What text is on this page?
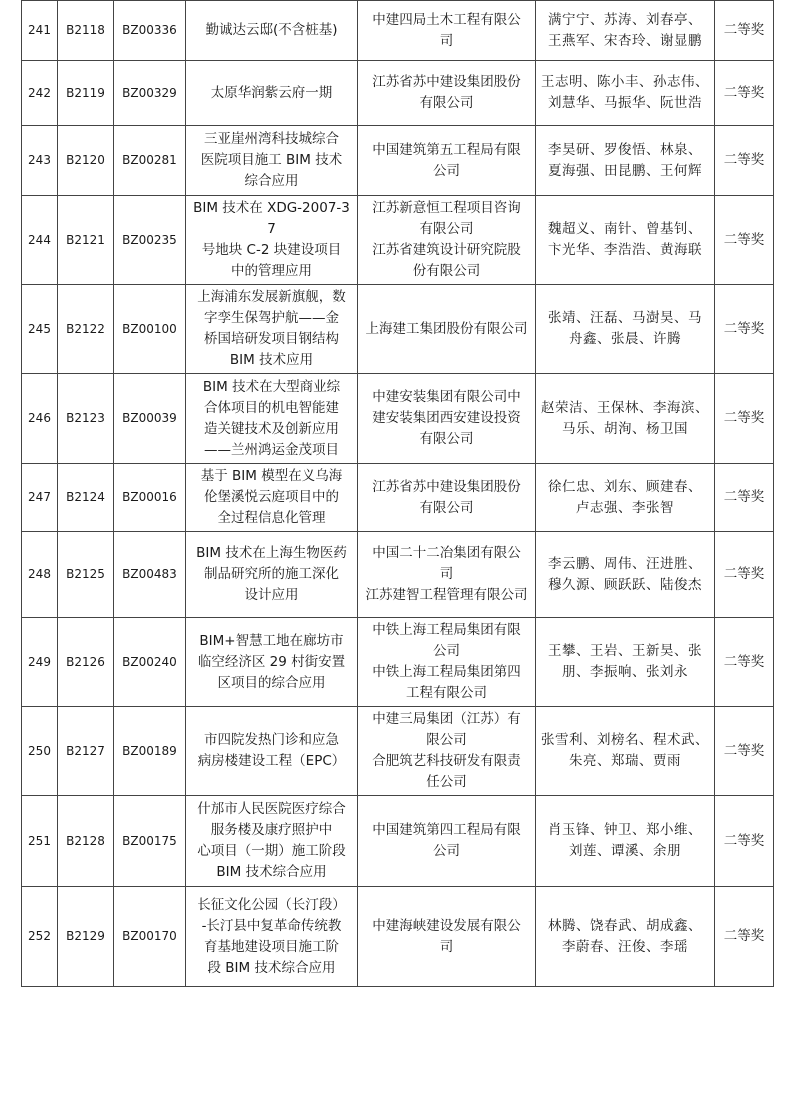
241	B2118	BZ00336	勤诚达云邸(不含桩基)	中建四局土木工程有限公
司	满宁宁、苏涛、刘春亭、
王燕军、宋杏玲、谢显鹏	二等奖
242	B2119	BZ00329	太原华润紫云府一期	江苏省苏中建设集团股份
有限公司	王志明、陈小丰、孙志伟、
刘慧华、马振华、阮世浩	二等奖
243	B2120	BZ00281	三亚崖州湾科技城综合
医院项目施工 BIM 技术
综合应用	中国建筑第五工程局有限
公司	李昊研、罗俊悟、林泉、
夏海强、田昆鹏、王何辉	二等奖
244	B2121	BZ00235	BIM 技术在 XDG-2007-37
号地块 C-2 块建设项目
中的管理应用	江苏新意恒工程项目咨询
有限公司
江苏省建筑设计研究院股
份有限公司	魏超义、南针、曾基钊、
卞光华、李浩浩、黄海联	二等奖
245	B2122	BZ00100	上海浦东发展新旗舰，数
字孪生保驾护航——金
桥国培研发项目钢结构
BIM 技术应用	上海建工集团股份有限公司	张靖、汪磊、马澍昊、马
舟鑫、张晨、许腾	二等奖
246	B2123	BZ00039	BIM 技术在大型商业综
合体项目的机电智能建
造关键技术及创新应用
——兰州鸿运金茂项目	中建安装集团有限公司中
建安装集团西安建设投资
有限公司	赵荣洁、王保林、李海滨、
马乐、胡洵、杨卫国	二等奖
247	B2124	BZ00016	基于 BIM 模型在义乌海
伦堡溪悦云庭项目中的
全过程信息化管理	江苏省苏中建设集团股份
有限公司	徐仁忠、刘东、顾建春、
卢志强、李张智	二等奖
248	B2125	BZ00483	BIM 技术在上海生物医药
制品研究所的施工深化
设计应用	中国二十二冶集团有限公
司
江苏建智工程管理有限公司	李云鹏、周伟、汪进胜、
穆久源、顾跃跃、陆俊杰	二等奖
249	B2126	BZ00240	BIM+智慧工地在廊坊市
临空经济区 29 村街安置
区项目的综合应用	中铁上海工程局集团有限
公司
中铁上海工程局集团第四
工程有限公司	王攀、王岩、王新昊、张
朋、李振响、张刘永	二等奖
250	B2127	BZ00189	市四院发热门诊和应急
病房楼建设工程（EPC）	中建三局集团（江苏）有
限公司
合肥筑艺科技研发有限责
任公司	张雪利、刘榜名、程术武、
朱亮、郑瑞、贾雨	二等奖
251	B2128	BZ00175	什邡市人民医院医疗综合
服务楼及康疗照护中
心项目（一期）施工阶段
BIM 技术综合应用	中国建筑第四工程局有限
公司	肖玉锋、钟卫、郑小维、
刘莲、谭溪、余朋	二等奖
252	B2129	BZ00170	长征文化公园（长汀段）
-长汀县中复革命传统教
育基地建设项目施工阶
段 BIM 技术综合应用	中建海峡建设发展有限公
司	林腾、饶春武、胡成鑫、
李蔚春、汪俊、李瑶	二等奖
